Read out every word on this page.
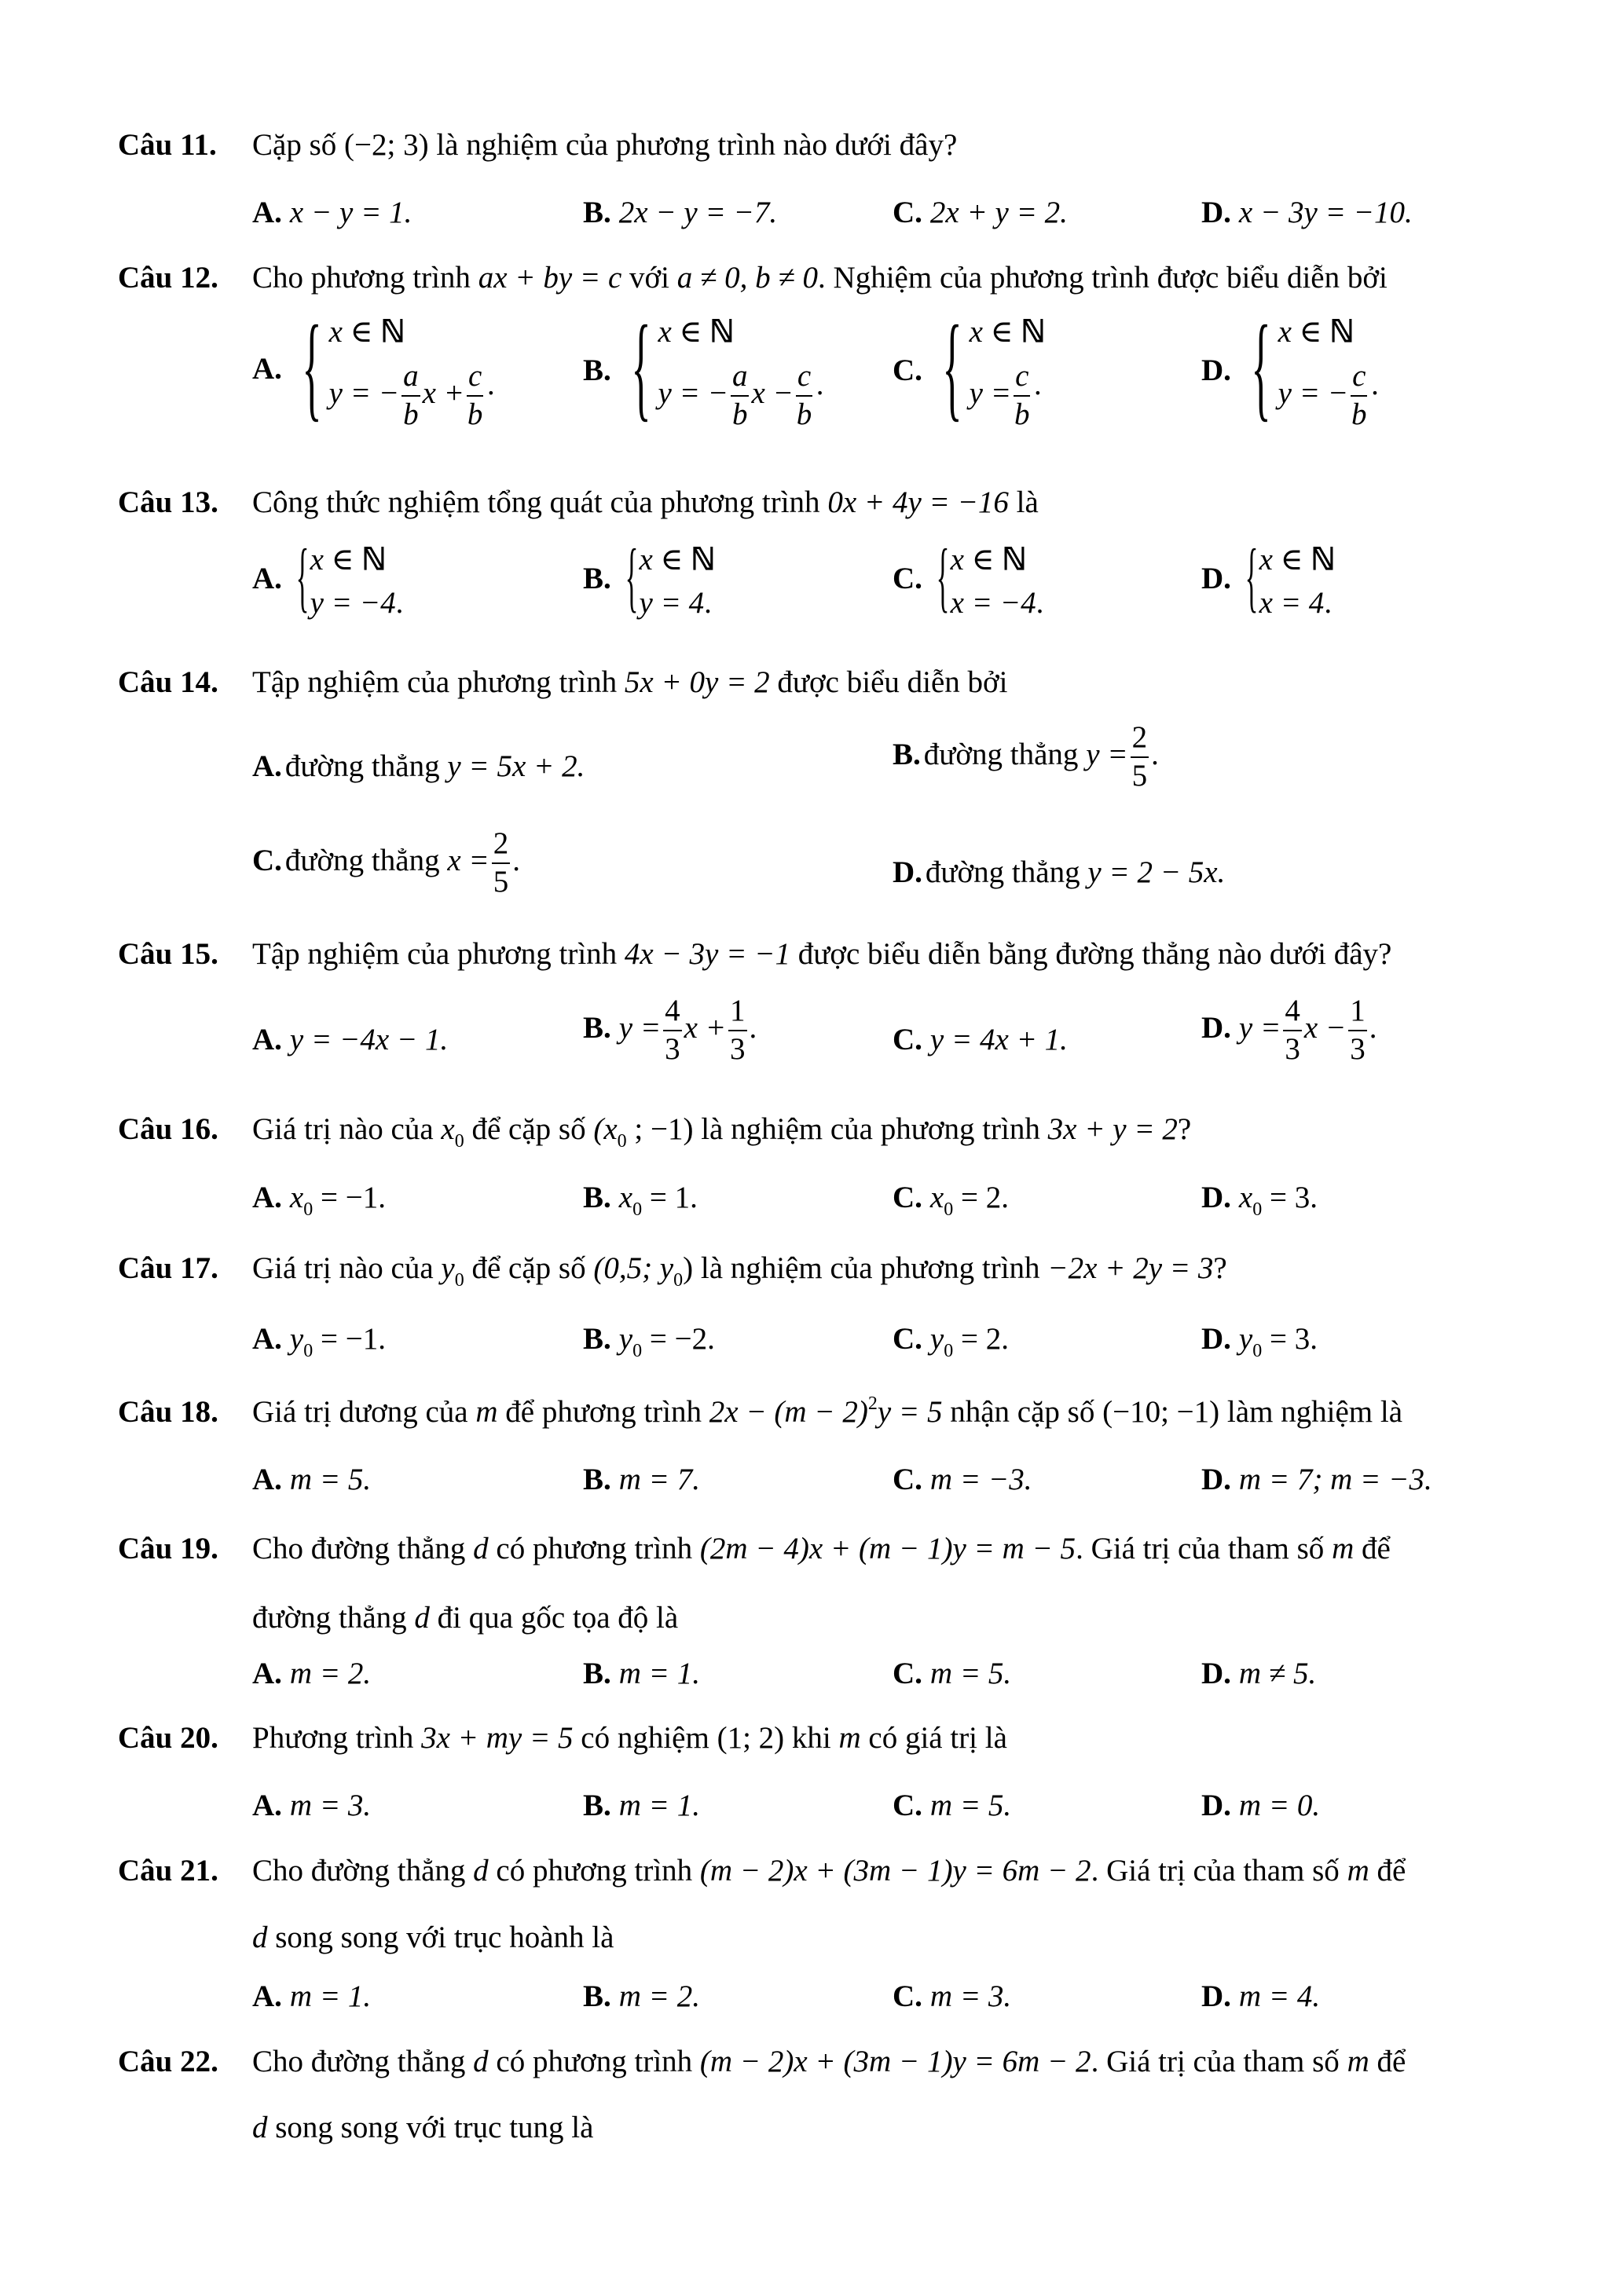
Câu 11. Cặp số (−2; 3) là nghiệm của phương trình nào dưới đây?
A. x − y = 1.	B. 2x − y = −7.	C. 2x + y = 2.	D. x − 3y = −10.
Câu 12. Cho phương trình ax + by = c với a ≠ 0, b ≠ 0. Nghiệm của phương trình được biểu diễn bởi
A. { x ∈ ℕ
y = − $\frac{a}{b}$ $x + \frac{c}{b}$ ·
B. { x ∈ ℕ
y = − $\frac{a}{b}$ $x - \frac{c}{b}$ ·
C. { x ∈ ℕ
$y = \frac{c}{b}$ ·
D. { x ∈ ℕ
y = − $\frac{c}{b}$ ·
Câu 13. Công thức nghiệm tổng quát của phương trình 0x + 4y = −16 là
A. { x ∈ ℕ
y = −4.
B. { x ∈ ℕ
y = 4.
C. { x ∈ ℕ
x = −4.
D. { x ∈ ℕ
x = 4.
Câu 14. Tập nghiệm của phương trình 5x + 0y = 2 được biểu diễn bởi
A. đường thẳng y = 5x + 2.	B. đường thẳng $y = \frac{2}{5}$ .
C. đường thẳng $x = \frac{2}{5}$ .	D. đường thẳng y = 2 − 5x.
Câu 15. Tập nghiệm của phương trình 4x − 3y = −1 được biểu diễn bằng đường thẳng nào dưới đây?
A. y = −4x − 1.	B. $y = \frac{4}{3}$ $x + \frac{1}{3}$ .	C. y = 4x + 1.	D. $y = \frac{4}{3}$ $x - \frac{1}{3}$ .
Câu 16. Giá trị nào của $x_0$ để cặp số ($x_0$ ; −1) là nghiệm của phương trình 3x + y = 2?
A. $x_0 = -1$.	B. $x_0 = 1$.	C. $x_0 = 2$.	D. $x_0 = 3$.
Câu 17. Giá trị nào của $y_0$ để cặp số (0,5; $y_0$) là nghiệm của phương trình −2x + 2y = 3?
A. $y_0 = -1$.	B. $y_0 = -2$.	C. $y_0 = 2$.	D. $y_0 = 3$.
Câu 18. Giá trị dương của m để phương trình $2x - (m - 2)^2y = 5$ nhận cặp số (−10; −1) làm nghiệm là
A. m = 5.	B. m = 7.	C. m = −3.	D. m = 7; m = −3.
Câu 19. Cho đường thẳng d có phương trình (2m − 4)x + (m − 1)y = m − 5. Giá trị của tham số m để
đường thẳng d đi qua gốc tọa độ là
A. m = 2.	B. m = 1.	C. m = 5.	D. m ≠ 5.
Câu 20. Phương trình 3x + my = 5 có nghiệm (1; 2) khi m có giá trị là
A. m = 3.	B. m = 1.	C. m = 5.	D. m = 0.
Câu 21. Cho đường thẳng d có phương trình (m − 2)x + (3m − 1)y = 6m − 2. Giá trị của tham số m để
d song song với trục hoành là
A. m = 1.	B. m = 2.	C. m = 3.	D. m = 4.
Câu 22. Cho đường thẳng d có phương trình (m − 2)x + (3m − 1)y = 6m − 2. Giá trị của tham số m để
d song song với trục tung là
